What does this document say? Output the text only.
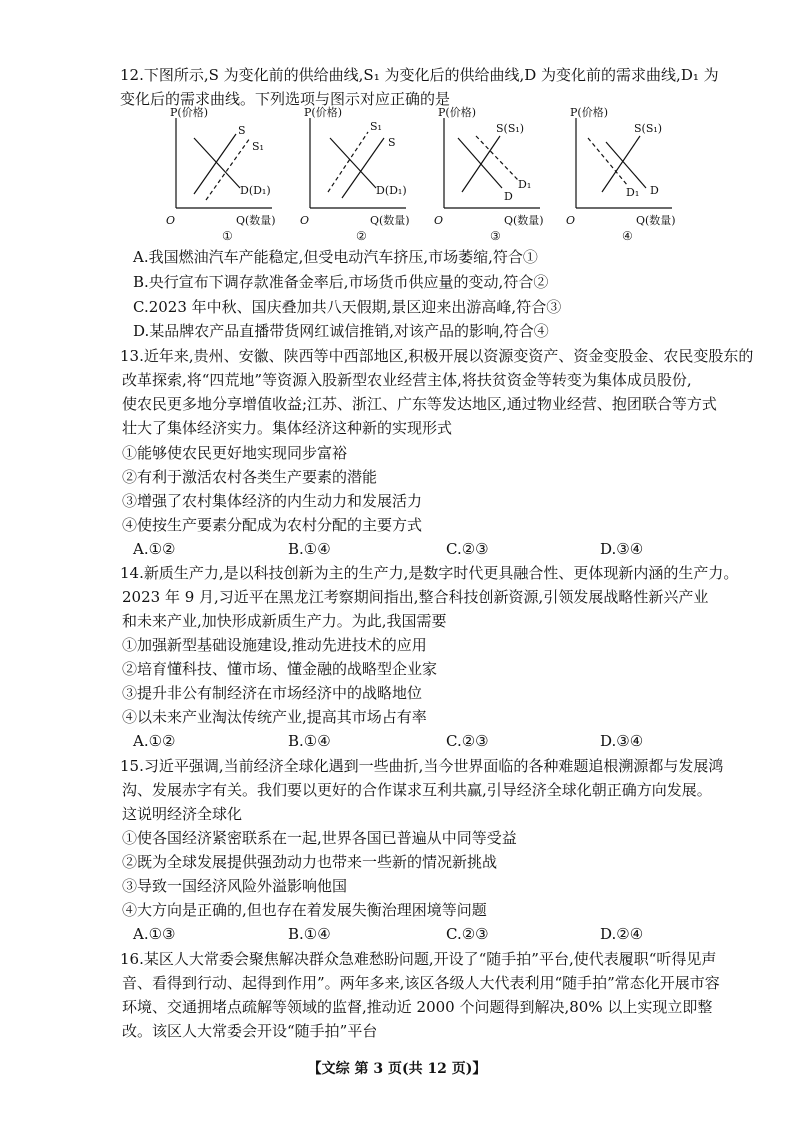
12.下图所示,S 为变化前的供给曲线,S₁ 为变化后的供给曲线,D 为变化前的需求曲线,D₁ 为
变化后的需求曲线。下列选项与图示对应正确的是
P(价格)
Q(数量)
O
S
S₁
D(D₁)
①
P(价格)
Q(数量)
O
S₁
S
D(D₁)
②
P(价格)
Q(数量)
O
S(S₁)
D₁
D
③
P(价格)
Q(数量)
O
S(S₁)
D₁ D
④
A.我国燃油汽车产能稳定,但受电动汽车挤压,市场萎缩,符合①
B.央行宣布下调存款准备金率后,市场货币供应量的变动,符合②
C.2023 年中秋、国庆叠加共八天假期,景区迎来出游高峰,符合③
D.某品牌农产品直播带货网红诚信推销,对该产品的影响,符合④
13.近年来,贵州、安徽、陕西等中西部地区,积极开展以资源变资产、资金变股金、农民变股东的
改革探索,将“四荒地”等资源入股新型农业经营主体,将扶贫资金等转变为集体成员股份,
使农民更多地分享增值收益;江苏、浙江、广东等发达地区,通过物业经营、抱团联合等方式
壮大了集体经济实力。集体经济这种新的实现形式
①能够使农民更好地实现同步富裕
②有利于激活农村各类生产要素的潜能
③增强了农村集体经济的内生动力和发展活力
④使按生产要素分配成为农村分配的主要方式
A.①②	B.①④	C.②③	D.③④
14.新质生产力,是以科技创新为主的生产力,是数字时代更具融合性、更体现新内涵的生产力。
2023 年 9 月,习近平在黑龙江考察期间指出,整合科技创新资源,引领发展战略性新兴产业
和未来产业,加快形成新质生产力。为此,我国需要
①加强新型基础设施建设,推动先进技术的应用
②培育懂科技、懂市场、懂金融的战略型企业家
③提升非公有制经济在市场经济中的战略地位
④以未来产业淘汰传统产业,提高其市场占有率
A.①②	B.①④	C.②③	D.③④
15.习近平强调,当前经济全球化遇到一些曲折,当今世界面临的各种难题追根溯源都与发展鸿
沟、发展赤字有关。我们要以更好的合作谋求互利共赢,引导经济全球化朝正确方向发展。
这说明经济全球化
①使各国经济紧密联系在一起,世界各国已普遍从中同等受益
②既为全球发展提供强劲动力也带来一些新的情况新挑战
③导致一国经济风险外溢影响他国
④大方向是正确的,但也存在着发展失衡治理困境等问题
A.①③	B.①④	C.②③	D.②④
16.某区人大常委会聚焦解决群众急难愁盼问题,开设了“随手拍”平台,使代表履职“听得见声
音、看得到行动、起得到作用”。两年多来,该区各级人大代表利用“随手拍”常态化开展市容
环境、交通拥堵点疏解等领域的监督,推动近 2000 个问题得到解决,80% 以上实现立即整
改。该区人大常委会开设“随手拍”平台
【文综 第 3 页(共 12 页)】
